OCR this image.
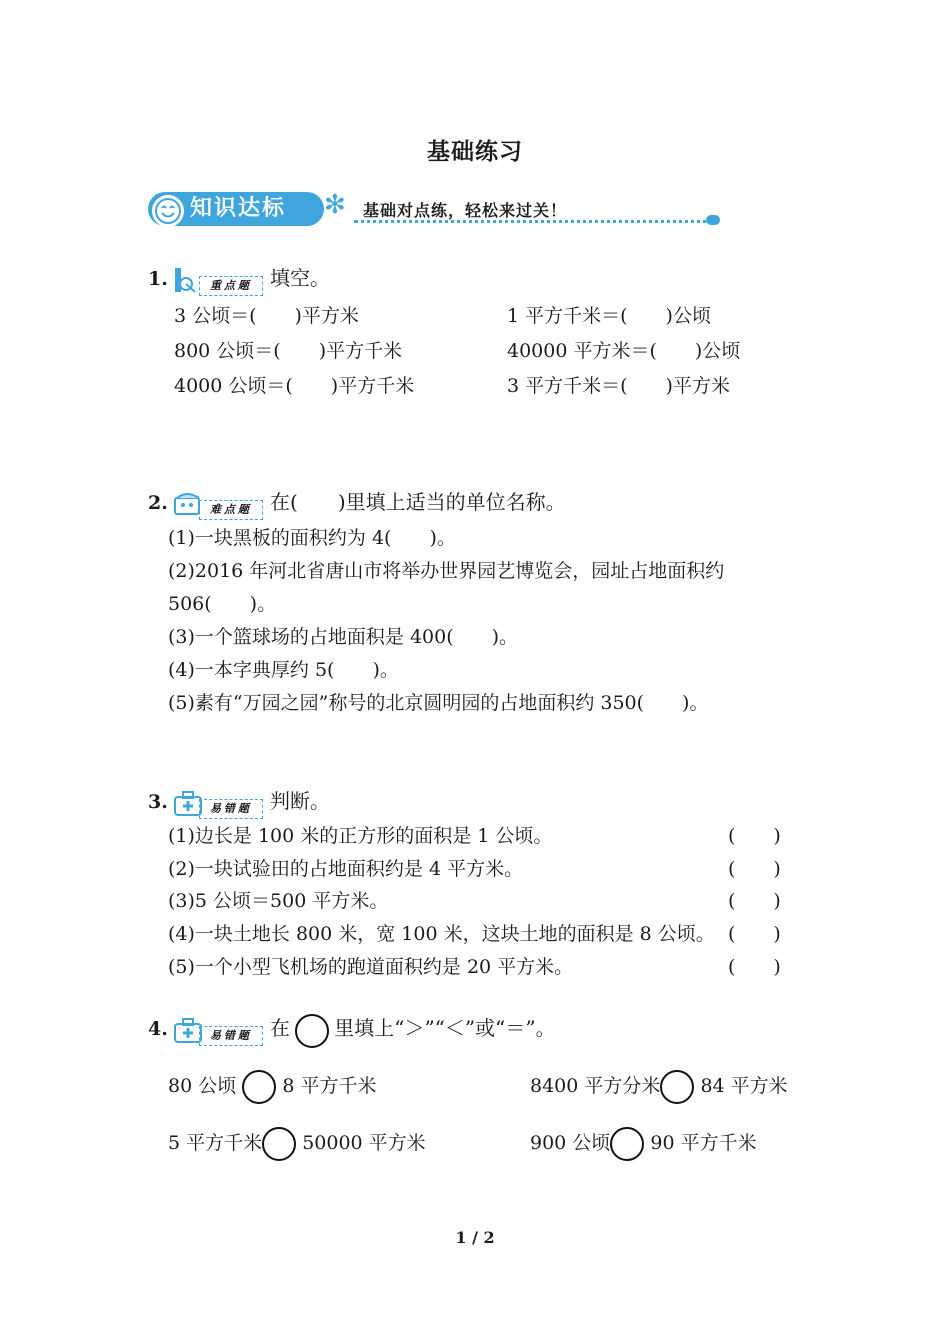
基础练习
知识达标	✻ 基础对点练，轻松来过关！
1.	重点题 填空。
3 公顷＝(　　)平方米	1 平方千米＝(　　)公顷
800 公顷＝(　　)平方千米	40000 平方米＝(　　)公顷
4000 公顷＝(　　)平方千米	3 平方千米＝(　　)平方米
2.	难点题 在(　　)里填上适当的单位名称。
(1)一块黑板的面积约为 4(　　)。
(2)2016 年河北省唐山市将举办世界园艺博览会，园址占地面积约
506(　　)。
(3)一个篮球场的占地面积是 400(　　)。
(4)一本字典厚约 5(　　)。
(5)素有“万园之园”称号的北京圆明园的占地面积约 350(　　)。
3.	易错题 判断。
(1)边长是 100 米的正方形的面积是 1 公顷。	(　　)
(2)一块试验田的占地面积约是 4 平方米。	(　　)
(3)5 公顷＝500 平方米。	(　　)
(4)一块土地长 800 米，宽 100 米，这块土地的面积是 8 公顷。 (　　)
(5)一个小型飞机场的跑道面积约是 20 平方米。	(　　)
4.	易错题 在 里填上“＞”“＜”或“＝”。
80 公顷 8 平方千米	8400 平方分米 84 平方米
5 平方千米 50000 平方米	900 公顷 90 平方千米
1 / 2
